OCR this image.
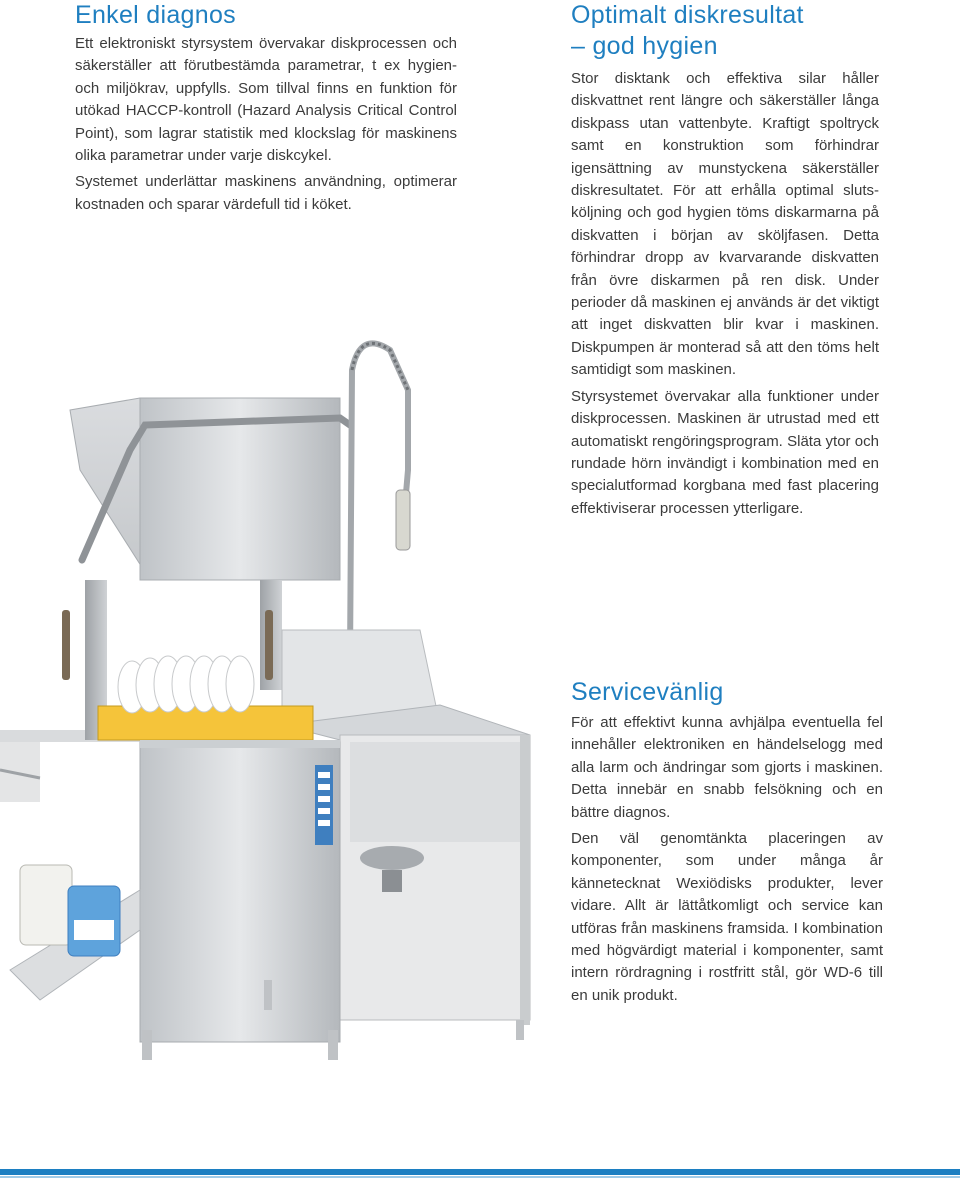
Enkel diagnos

Ett elektroniskt styrsystem övervakar diskprocessen och säkerställer att förutbestämda parametrar, t ex hygien- och miljökrav, uppfylls. Som tillval finns en funktion för utökad HACCP-kontroll (Hazard Analysis Critical Control Point), som lagrar statistik med klockslag för maskinens olika parametrar under varje diskcykel.

Systemet underlättar maskinens användning, optimerar kostnaden och sparar värdefull tid i köket.

Optimalt diskresultat
– god hygien

Stor disktank och effektiva silar håller diskvattnet rent längre och säkerställer långa diskpass utan vattenbyte. Kraftigt spoltryck samt en konstruktion som förhindrar igensättning av munstyckena säkerställer diskresultatet. För att erhålla optimal slutsköljning och god hygien töms diskarmarna på diskvatten i början av sköljfasen. Detta förhindrar dropp av kvarvarande diskvatten från övre diskarmen på ren disk. Under perioder då maskinen ej används är det viktigt att inget diskvatten blir kvar i maskinen. Diskpumpen är monterad så att den töms helt samtidigt som maskinen.

Styrsystemet övervakar alla funktioner under diskprocessen. Maskinen är utrustad med ett automatiskt rengöringsprogram. Släta ytor och rundade hörn invändigt i kombination med en specialutformad korgbana med fast placering effektiviserar processen ytterligare.

Servicevänlig

För att effektivt kunna avhjälpa eventuella fel innehåller elektroniken en händelselogg med alla larm och ändringar som gjorts i maskinen. Detta innebär en snabb felsökning och en bättre diagnos.

Den väl genomtänkta placeringen av komponenter, som under många år kännetecknat Wexiödisks produkter, lever vidare. Allt är lättåtkomligt och service kan utföras från maskinens framsida. I kombination med högvärdigt material i komponenter, samt intern rördragning i rostfritt stål, gör WD-6 till en unik produkt.
